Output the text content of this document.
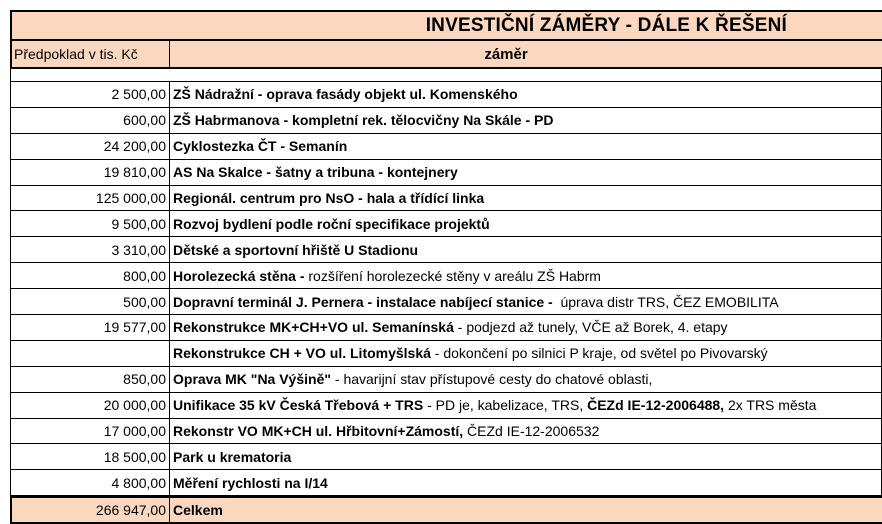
INVESTIČNÍ ZÁMĚRY - DÁLE K ŘEŠENÍ
Předpoklad v tis. Kč	záměr
2 500,00 ZŠ Nádražní - oprava fasády objekt ul. Komenského
600,00 ZŠ Habrmanova - kompletní rek. tělocvičny Na Skále - PD
24 200,00 Cyklostezka ČT - Semanín
19 810,00 AS Na Skalce - šatny a tribuna - kontejnery
125 000,00 Regionál. centrum pro NsO - hala a třídící linka
9 500,00 Rozvoj bydlení podle roční specifikace projektů
3 310,00 Dětské a sportovní hřiště U Stadionu
800,00 Horolezecká stěna - rozšíření horolezecké stěny v areálu ZŠ Habrm
500,00 Dopravní terminál J. Pernera - instalace nabíjecí stanice - úprava distr TRS, ČEZ EMOBILITA
19 577,00 Rekonstrukce MK+CH+VO ul. Semanínská - podjezd až tunely, VČE až Borek, 4. etapy
Rekonstrukce CH + VO ul. Litomyšlská - dokončení po silnici P kraje, od světel po Pivovarský
850,00 Oprava MK "Na Výšině" - havarijní stav přístupové cesty do chatové oblasti,
20 000,00 Unifikace 35 kV Česká Třebová + TRS - PD je, kabelizace, TRS, ČEZd IE-12-2006488, 2x TRS města
17 000,00 Rekonstr VO MK+CH ul. Hřbitovní+Zámostí, ČEZd IE-12-2006532
18 500,00 Park u krematoria
4 800,00 Měření rychlosti na I/14
266 947,00 Celkem
